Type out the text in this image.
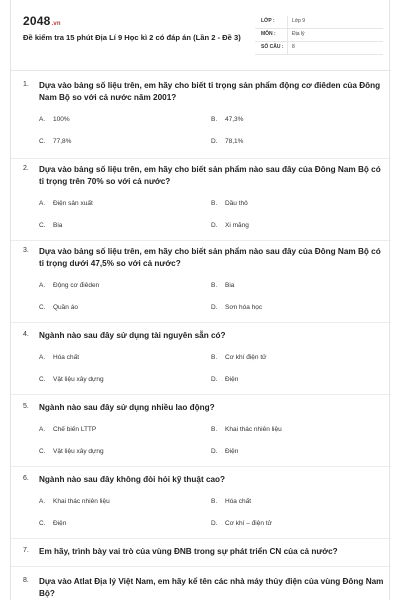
2048.vn
Đề kiểm tra 15 phút Địa Lí 9 Học kì 2 có đáp án (Lần 2 - Đề 3)
LỚP :	Lớp 9
MÔN :	Địa lý
SỐ CÂU : 8
1. Dựa vào bảng số liệu trên, em hãy cho biết tỉ trọng sản phẩm động cơ điêden của Đông Nam Bộ so với cả nước năm 2001?
A. 100%	B. 47,3%
C. 77,8%	D. 78,1%
2. Dựa vào bảng số liệu trên, em hãy cho biết sản phẩm nào sau đây của Đông Nam Bộ có tỉ trọng trên 70% so với cả nước?
A. Điện sản xuất	B. Dầu thô
C. Bia	D. Xi măng
3. Dựa vào bảng số liệu trên, em hãy cho biết sản phẩm nào sau đây của Đông Nam Bộ có tỉ trọng dưới 47,5% so với cả nước?
A. Động cơ điêden	B. Bia
C. Quần áo	D. Sơn hóa học
4. Ngành nào sau đây sử dụng tài nguyên sẵn có?
A. Hóa chất	B. Cơ khí điện tử
C. Vật liệu xây dựng	D. Điện
5. Ngành nào sau đây sử dụng nhiều lao động?
A. Chế biến LTTP	B. Khai thác nhiên liệu
C. Vật liệu xây dựng	D. Điện
6. Ngành nào sau đây không đòi hỏi kỹ thuật cao?
A. Khai thác nhiên liệu	B. Hóa chất
C. Điện	D. Cơ khí – điện tử
7. Em hãy, trình bày vai trò của vùng ĐNB trong sự phát triển CN của cả nước?
8. Dựa vào Atlat Địa lý Việt Nam, em hãy kể tên các nhà máy thủy điện của vùng Đông Nam Bộ?
